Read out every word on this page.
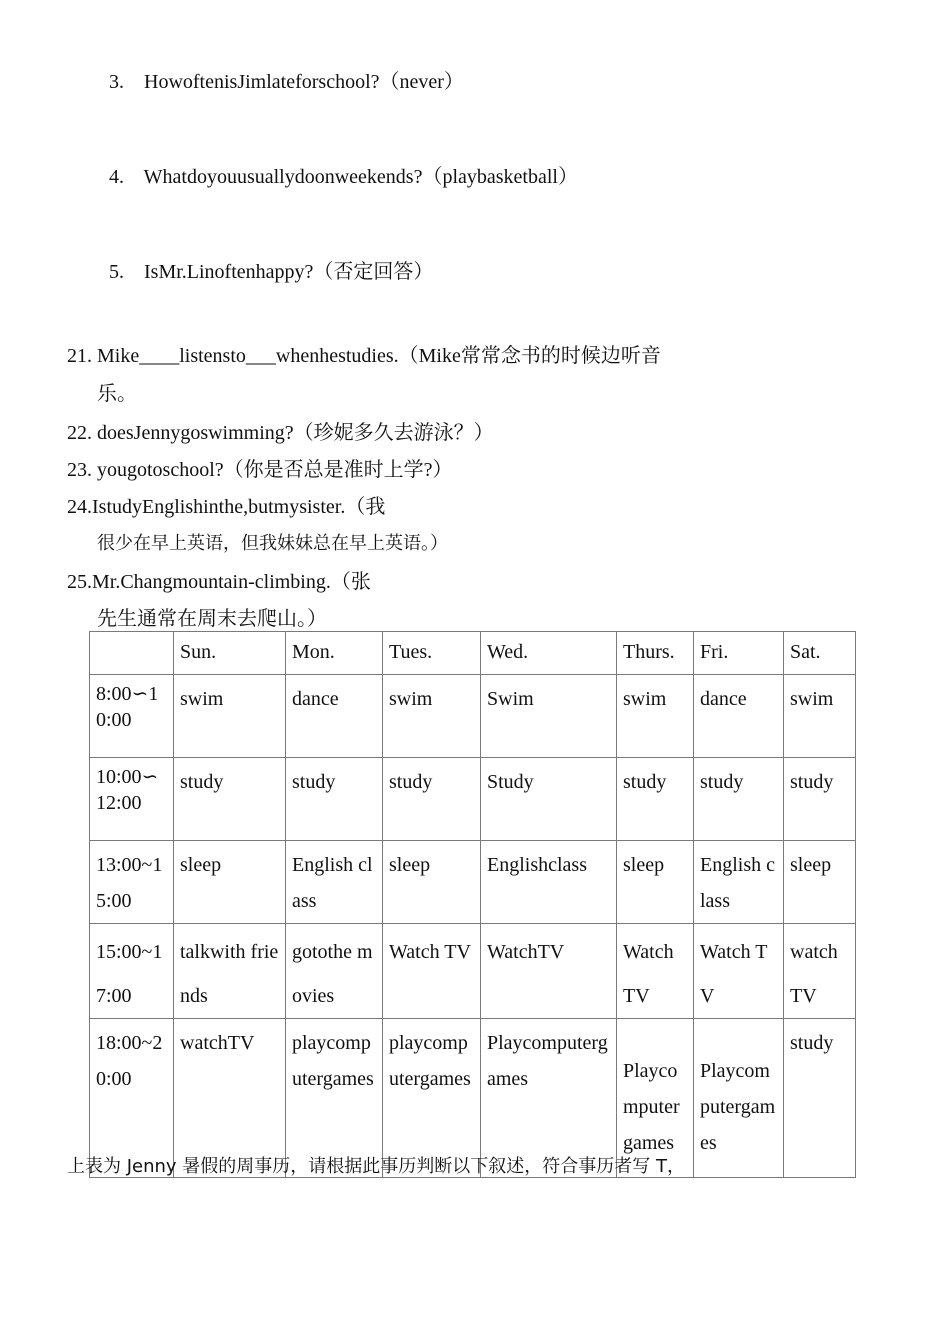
3. HowoftenisJimlateforschool?（never）
4. Whatdoyouusuallydoonweekends?（playbasketball）
5. IsMr.Linoftenhappy?（否定回答）
21. Mike____listensto___whenhestudies.（Mike常常念书的时候边听音
乐。
22. doesJennygoswimming?（珍妮多久去游泳？）
23. yougotoschool?（你是否总是准时上学?）
24.IstudyEnglishinthe,butmysister.（我
很少在早上英语，但我妹妹总在早上英语。）
25.Mr.Changmountain-climbing.（张
先生通常在周末去爬山。）
	Sun.	Mon.	Tues.	Wed.	Thurs.	Fri.	Sat.

8:00∽10:00	swim	dance	swim	Swim	swim	dance	swim

10:00∽12:00	study	study	study	Study	study	study	study
13:00~15:00	sleep	English class	sleep	Englishclass	sleep	English class	sleep
15:00~17:00	talkwith friends	gotothe movies	Watch TV	WatchTV	Watch TV	Watch TV	watch TV
18:00~20:00	watchTV	playcomputergames	playcomputergames	Playcomputergames	Playcomputergames	Playcomputergames	study
上表为 Jenny 暑假的周事历，请根据此事历判断以下叙述，符合事历者写 T，
